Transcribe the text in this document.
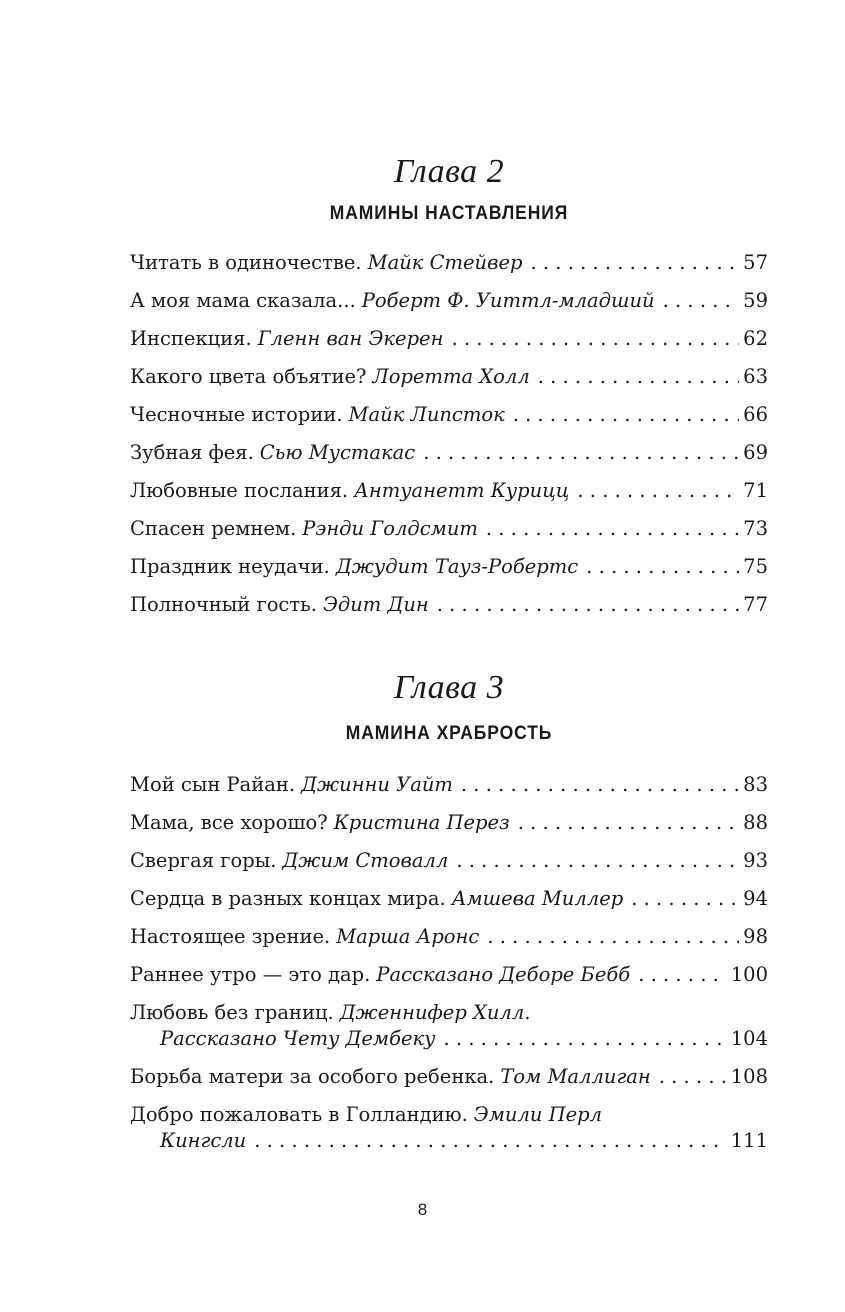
Глава 2
МАМИНЫ НАСТАВЛЕНИЯ
Читать в одиночестве. Майк Стейвер . . .	57
А моя мама сказала... Роберт Ф. Уиттл-младший . . .	59
Инспекция. Гленн ван Экерен . . .	62
Какого цвета объятие? Лоретта Холл . . .	63
Чесночные истории. Майк Липсток . . .	66
Зубная фея. Сью Мустакас . . .	69
Любовные послания. Антуанетт Курицц . . .	71
Спасен ремнем. Рэнди Голдсмит . . .	73
Праздник неудачи. Джудит Тауз-Робертс . . .	75
Полночный гость. Эдит Дин . . .	77
Глава 3
МАМИНА ХРАБРОСТЬ
Мой сын Райан. Джинни Уайт . . .	83
Мама, все хорошо? Кристина Перез . . .	88
Свергая горы. Джим Стовалл . . .	93
Сердца в разных концах мира. Амшева Миллер . . .	94
Настоящее зрение. Марша Аронс . . .	98
Раннее утро — это дар. Рассказано Деборе Бебб . . .	100
Любовь без границ. Дженнифер Хилл.
Рассказано Чету Дембеку . . .	104
Борьба матери за особого ребенка. Том Маллиган . . .	108
Добро пожаловать в Голландию. Эмили Перл
Кингсли . . .	111
8
